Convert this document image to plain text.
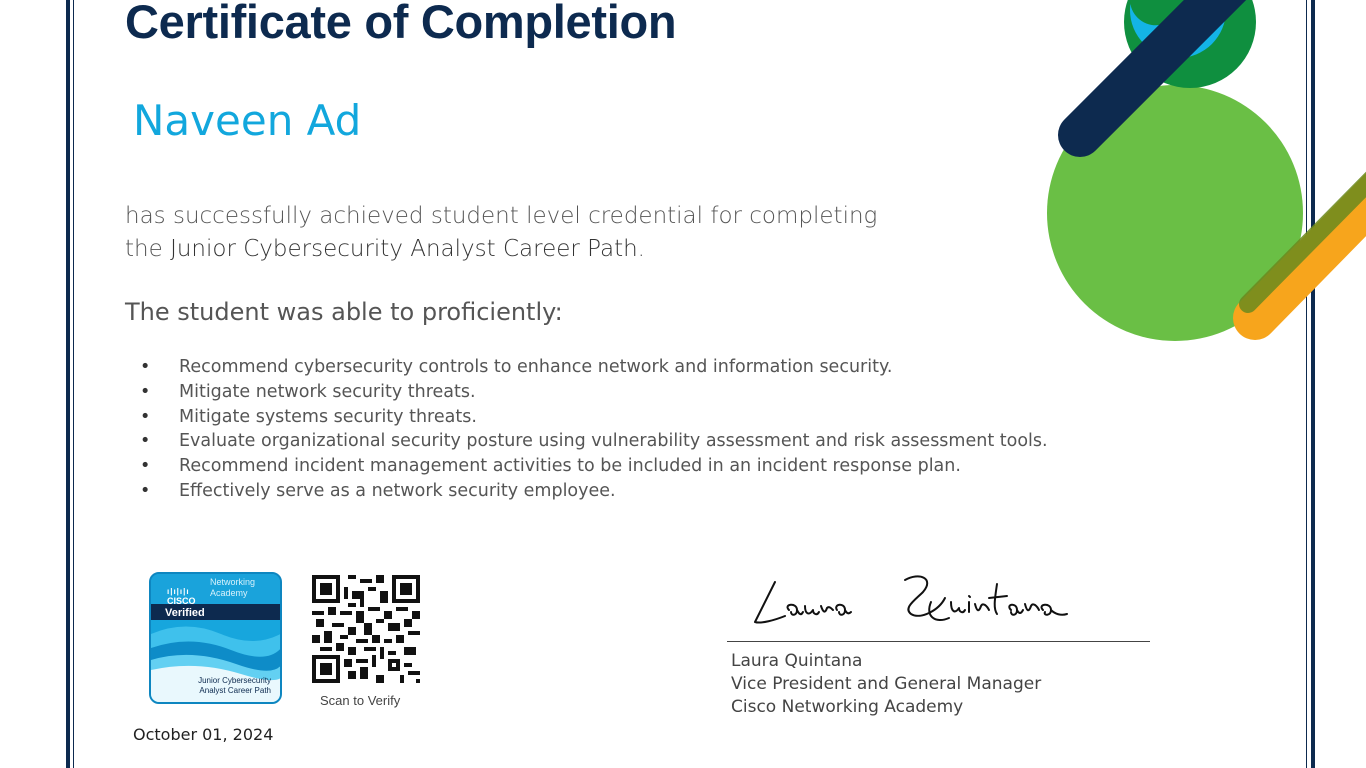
Certificate of Completion
Naveen Ad
has successfully achieved student level credential for completing
the Junior Cybersecurity Analyst Career Path.
The student was able to proficiently:
• Recommend cybersecurity controls to enhance network and information security.
• Mitigate network security threats.
• Mitigate systems security threats.
• Evaluate organizational security posture using vulnerability assessment and risk assessment tools.
• Recommend incident management activities to be included in an incident response plan.
• Effectively serve as a network security employee.
ı|ı|ı|ı
CISCO
Networking Academy
Verified
Junior Cybersecurity
Analyst Career Path
Scan to Verify
October 01, 2024
Laura Quintana
Vice President and General Manager
Cisco Networking Academy
